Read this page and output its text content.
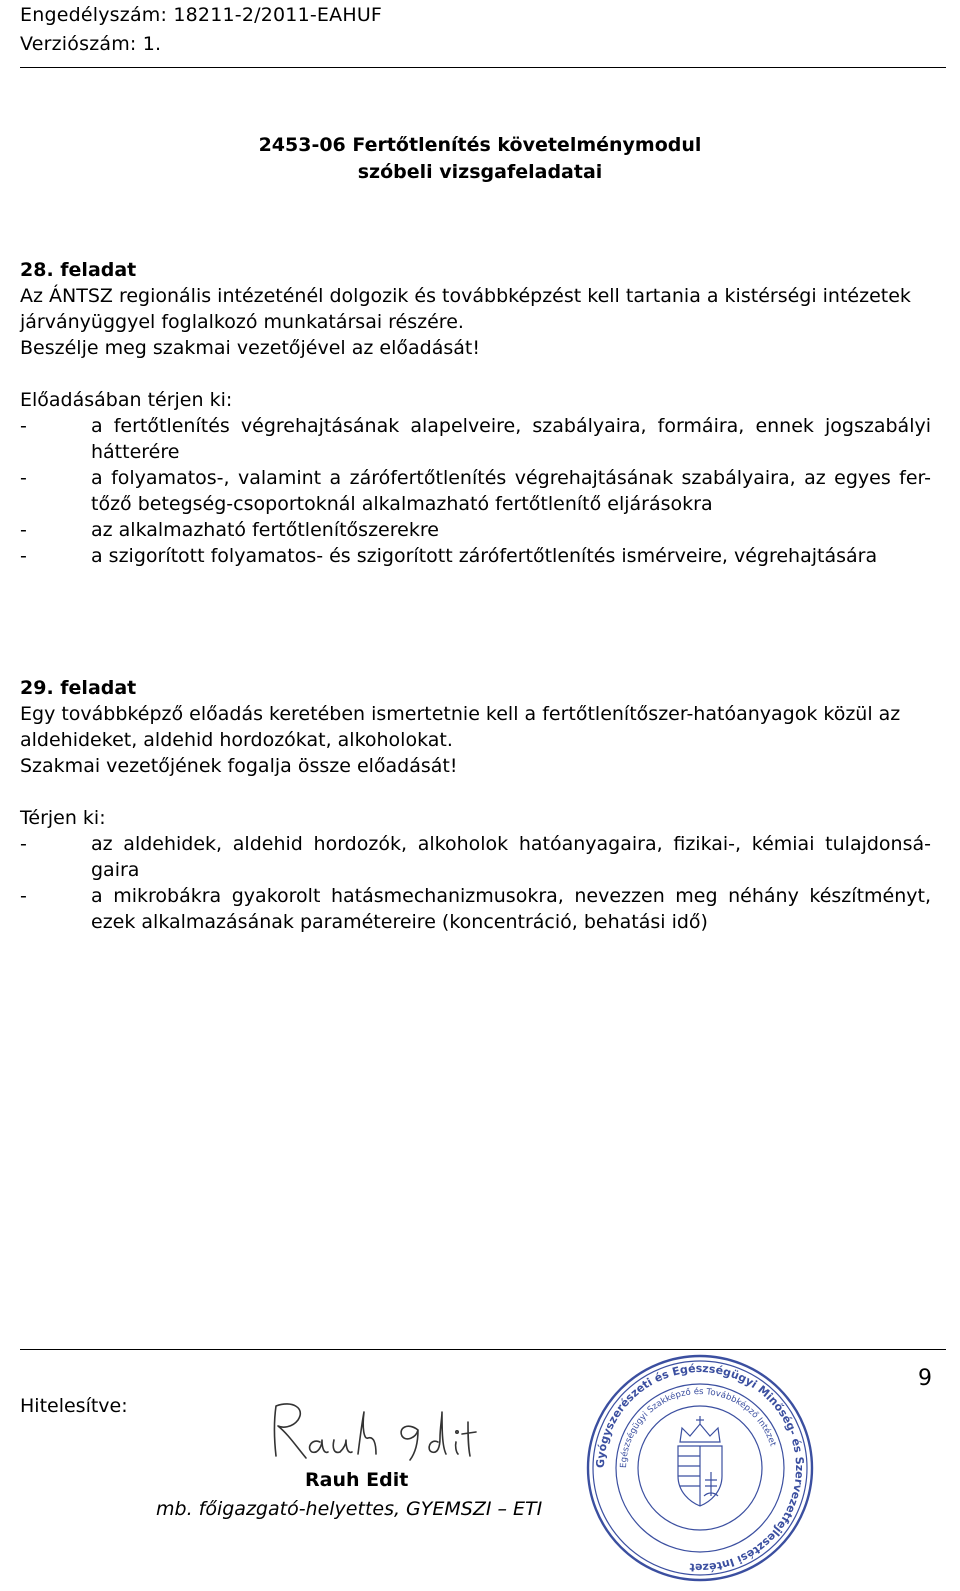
Engedélyszám: 18211-2/2011-EAHUF
Verziószám: 1.
2453-06 Fertőtlenítés követelménymodul
szóbeli vizsgafeladatai
28. feladat
Az ÁNTSZ regionális intézeténél dolgozik és továbbképzést kell tartania a kistérségi intézetek
járványüggyel foglalkozó munkatársai részére.
Beszélje meg szakmai vezetőjével az előadását!
Előadásában térjen ki:
-	a fertőtlenítés végrehajtásának alapelveire, szabályaira, formáira, ennek jogszabályi
hátterére
-	a folyamatos-, valamint a zárófertőtlenítés végrehajtásának szabályaira, az egyes fer-
tőző betegség-csoportoknál alkalmazható fertőtlenítő eljárásokra
-	az alkalmazható fertőtlenítőszerekre
-	a szigorított folyamatos- és szigorított zárófertőtlenítés ismérveire, végrehajtására
29. feladat
Egy továbbképző előadás keretében ismertetnie kell a fertőtlenítőszer-hatóanyagok közül az
aldehideket, aldehid hordozókat, alkoholokat.
Szakmai vezetőjének fogalja össze előadását!
Térjen ki:
-	az aldehidek, aldehid hordozók, alkoholok hatóanyagaira, fizikai-, kémiai tulajdonsá-
gaira
-	a mikrobákra gyakorolt hatásmechanizmusokra, nevezzen meg néhány készítményt,
ezek alkalmazásának paramétereire (koncentráció, behatási idő)
9
Hitelesítve:
Rauh Edit
mb. főigazgató-helyettes, GYEMSZI – ETI
Gyógyszerészeti és Egészségügyi Minőség- és Szervezetfejlesztési Intézet
Egészségügyi Szakképző és Továbbképző Intézet
